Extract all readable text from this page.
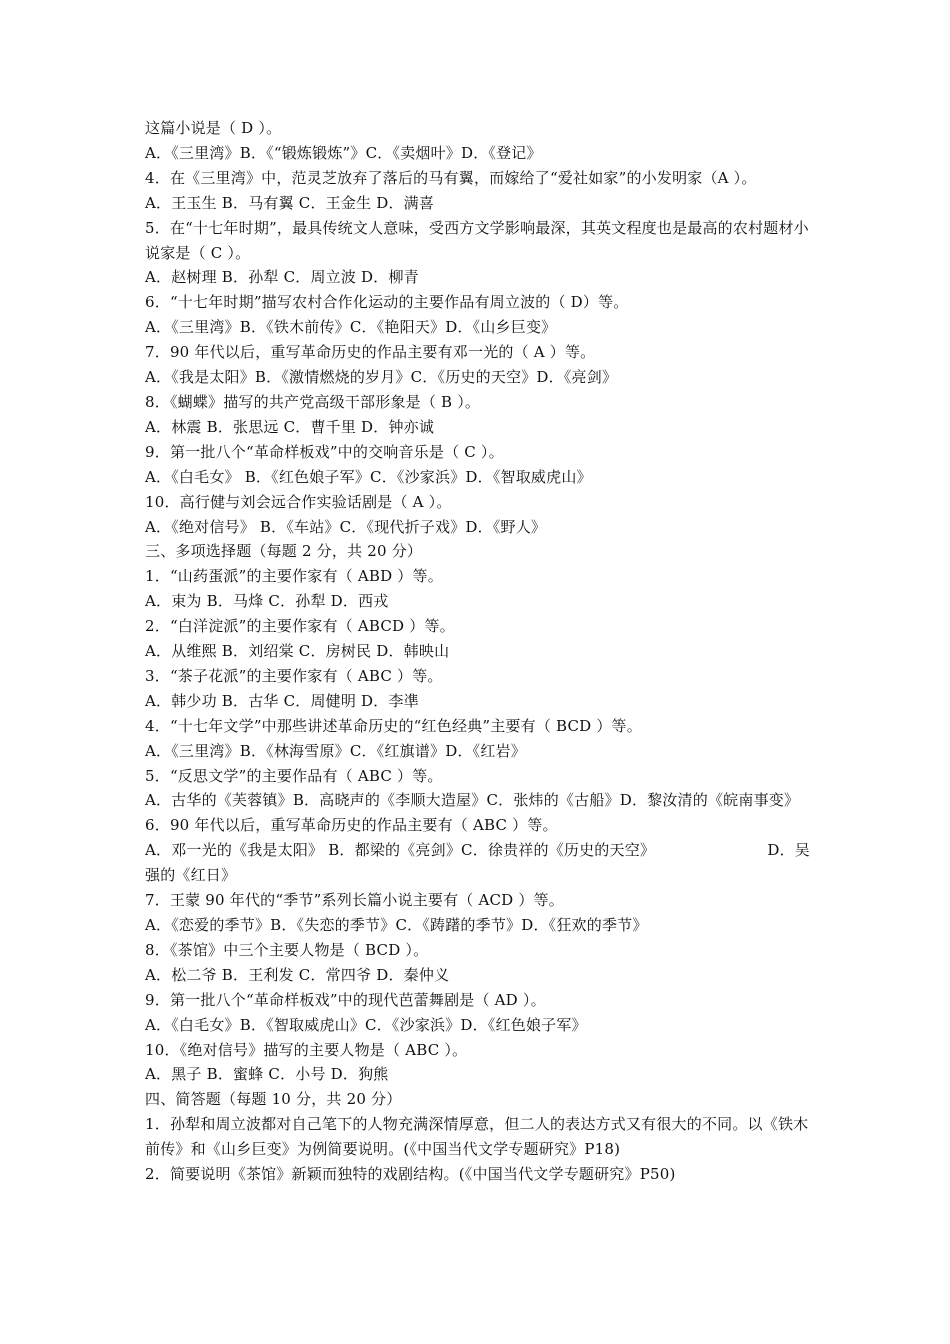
这篇小说是（ D ）。
A．《三里湾》B．《“锻炼锻炼”》C．《卖烟叶》D．《登记》
4．在《三里湾》中，范灵芝放弃了落后的马有翼，而嫁给了“爱社如家”的小发明家（A ）。
A．王玉生 B．马有翼 C．王金生 D．满喜
5．在“十七年时期”，最具传统文人意味，受西方文学影响最深，其英文程度也是最高的农村题材小说家是（ C ）。
A．赵树理 B．孙犁 C．周立波 D．柳青
6．“十七年时期”描写农村合作化运动的主要作品有周立波的（ D）等。
A．《三里湾》B．《铁木前传》C．《艳阳天》D．《山乡巨变》
7．90 年代以后，重写革命历史的作品主要有邓一光的（ A ）等。
A．《我是太阳》B．《激情燃烧的岁月》C．《历史的天空》D．《亮剑》
8．《蝴蝶》描写的共产党高级干部形象是（ B ）。
A．林震 B．张思远 C．曹千里 D．钟亦诚
9．第一批八个“革命样板戏”中的交响音乐是（ C ）。
A．《白毛女》 B．《红色娘子军》C．《沙家浜》D．《智取威虎山》
10．高行健与刘会远合作实验话剧是（ A ）。
A．《绝对信号》 B．《车站》C．《现代折子戏》D．《野人》
三、多项选择题（每题 2 分，共 20 分）
1．“山药蛋派”的主要作家有（ ABD ）等。
A．束为 B．马烽 C．孙犁 D．西戎
2．“白洋淀派”的主要作家有（ ABCD ）等。
A．从维熙 B．刘绍棠 C．房树民 D．韩映山
3．“茶子花派”的主要作家有（ ABC ）等。
A．韩少功 B．古华 C．周健明 D．李凖
4．“十七年文学”中那些讲述革命历史的“红色经典”主要有（ BCD ）等。
A．《三里湾》B．《林海雪原》C．《红旗谱》D．《红岩》
5．“反思文学”的主要作品有（ ABC ）等。
A．古华的《芙蓉镇》B．高晓声的《李顺大造屋》C．张炜的《古船》D．黎汝清的《皖南事变》
6．90 年代以后，重写革命历史的作品主要有（ ABC ）等。
A．邓一光的《我是太阳》 B．都梁的《亮剑》C．徐贵祥的《历史的天空》	D．吴
强的《红日》
7．王蒙 90 年代的“季节”系列长篇小说主要有（ ACD ）等。
A．《恋爱的季节》B．《失恋的季节》C．《踌躇的季节》D．《狂欢的季节》
8．《茶馆》中三个主要人物是（ BCD ）。
A．松二爷 B．王利发 C．常四爷 D．秦仲义
9．第一批八个“革命样板戏”中的现代芭蕾舞剧是（ AD ）。
A．《白毛女》B．《智取威虎山》C．《沙家浜》D．《红色娘子军》
10．《绝对信号》描写的主要人物是（ ABC ）。
A．黑子 B．蜜蜂 C．小号 D．狗熊
四、简答题（每题 10 分，共 20 分）
1．孙犁和周立波都对自己笔下的人物充满深情厚意，但二人的表达方式又有很大的不同。以《铁木前传》和《山乡巨变》为例简要说明。(《中国当代文学专题研究》P18)
2．简要说明《茶馆》新颖而独特的戏剧结构。(《中国当代文学专题研究》P50)
